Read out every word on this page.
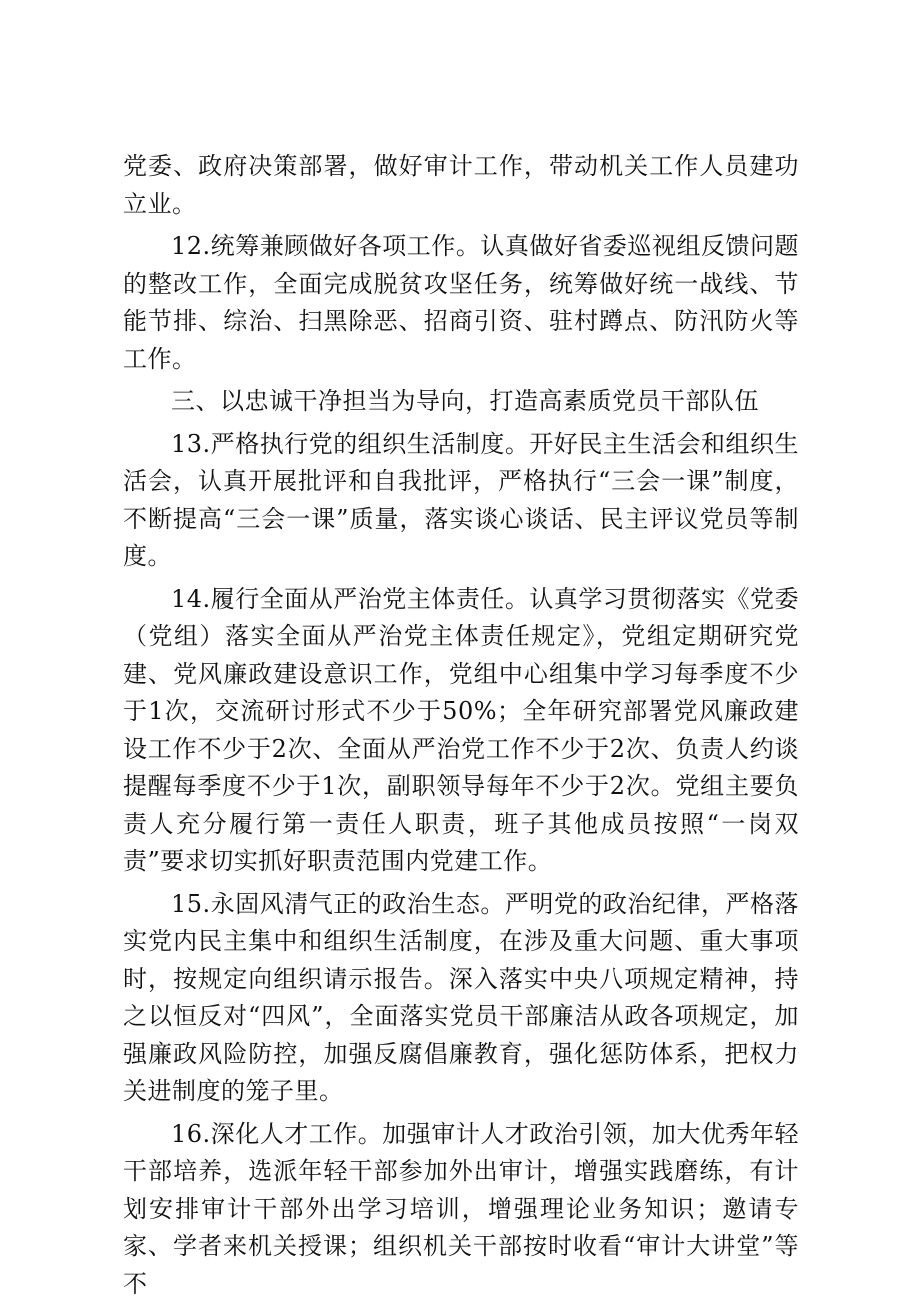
党委、政府决策部署，做好审计工作，带动机关工作人员建功立业。

12.统筹兼顾做好各项工作。认真做好省委巡视组反馈问题的整改工作，全面完成脱贫攻坚任务，统筹做好统一战线、节能节排、综治、扫黑除恶、招商引资、驻村蹲点、防汛防火等工作。

三、以忠诚干净担当为导向，打造高素质党员干部队伍

13.严格执行党的组织生活制度。开好民主生活会和组织生活会，认真开展批评和自我批评，严格执行“三会一课”制度，不断提高“三会一课”质量，落实谈心谈话、民主评议党员等制度。

14.履行全面从严治党主体责任。认真学习贯彻落实《党委（党组）落实全面从严治党主体责任规定》，党组定期研究党建、党风廉政建设意识工作，党组中心组集中学习每季度不少于1次，交流研讨形式不少于50%；全年研究部署党风廉政建设工作不少于2次、全面从严治党工作不少于2次、负责人约谈提醒每季度不少于1次，副职领导每年不少于2次。党组主要负责人充分履行第一责任人职责，班子其他成员按照“一岗双责”要求切实抓好职责范围内党建工作。

15.永固风清气正的政治生态。严明党的政治纪律，严格落实党内民主集中和组织生活制度，在涉及重大问题、重大事项时，按规定向组织请示报告。深入落实中央八项规定精神，持之以恒反对“四风”，全面落实党员干部廉洁从政各项规定，加强廉政风险防控，加强反腐倡廉教育，强化惩防体系，把权力关进制度的笼子里。

16.深化人才工作。加强审计人才政治引领，加大优秀年轻干部培养，选派年轻干部参加外出审计，增强实践磨练，有计划安排审计干部外出学习培训，增强理论业务知识；邀请专家、学者来机关授课；组织机关干部按时收看“审计大讲堂”等不
